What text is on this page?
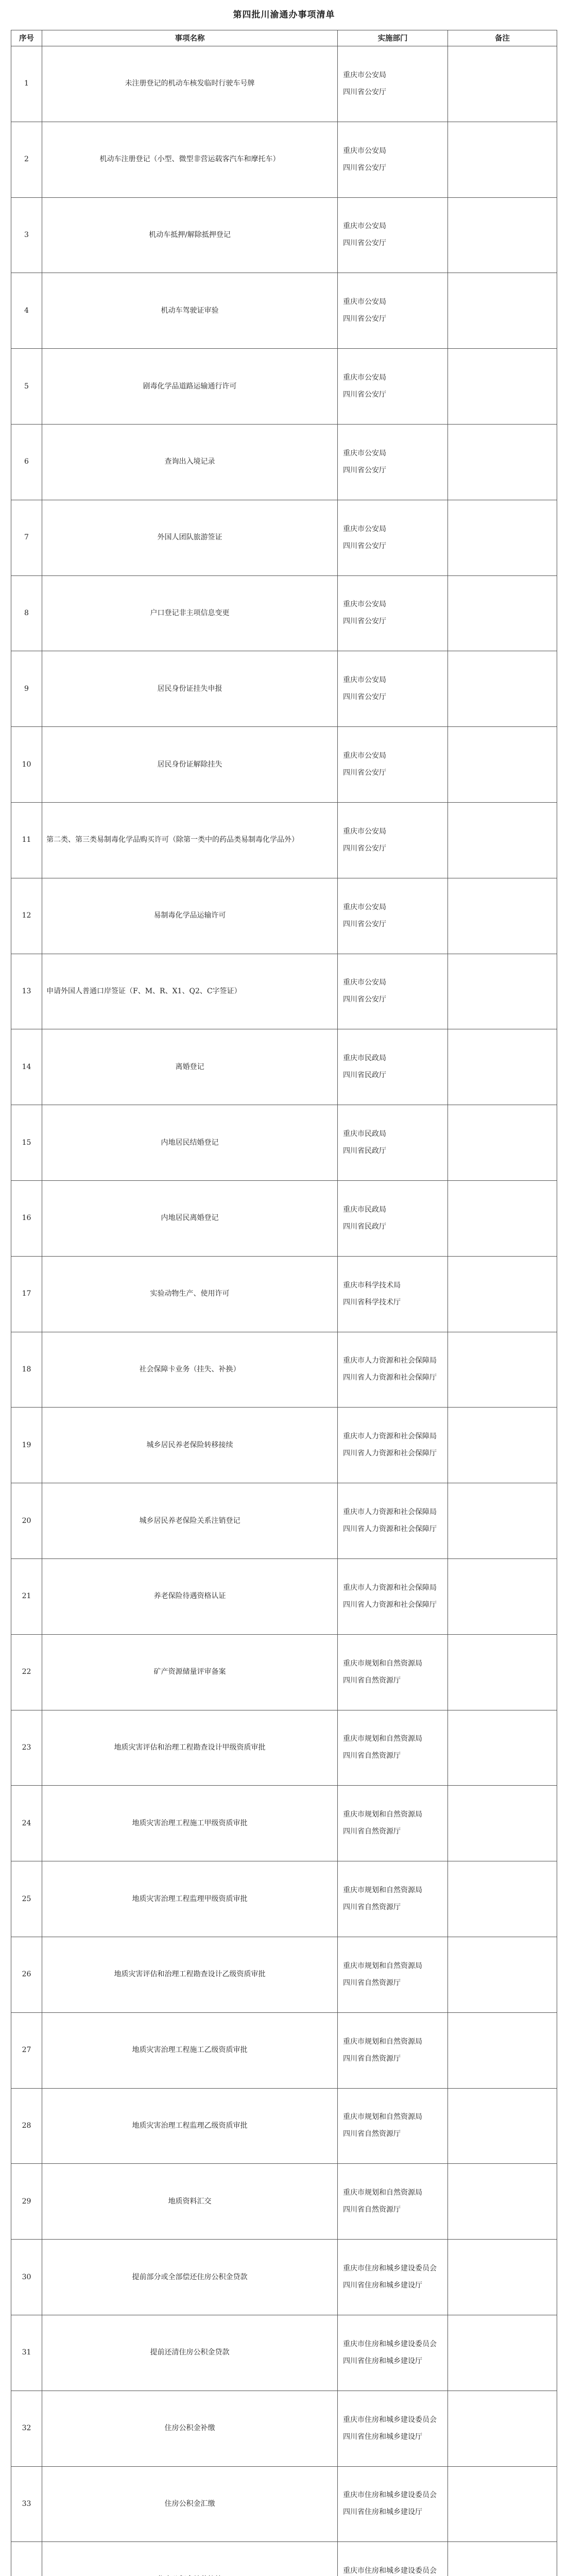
第四批川渝通办事项清单
序号	事项名称	实施部门	备注
1	未注册登记的机动车核发临时行驶车号牌	重庆市公安局
四川省公安厅	

2	机动车注册登记（小型、微型非营运载客汽车和摩托车）	重庆市公安局
四川省公安厅	

3	机动车抵押/解除抵押登记	重庆市公安局
四川省公安厅	

4	机动车驾驶证审验	重庆市公安局
四川省公安厅	

5	剧毒化学品道路运输通行许可	重庆市公安局
四川省公安厅	

6	查询出入境记录	重庆市公安局
四川省公安厅	

7	外国人团队旅游签证	重庆市公安局
四川省公安厅	

8	户口登记非主项信息变更	重庆市公安局
四川省公安厅	

9	居民身份证挂失申报	重庆市公安局
四川省公安厅	

10	居民身份证解除挂失	重庆市公安局
四川省公安厅	

11	第二类、第三类易制毒化学品购买许可（除第一类中的药品类易制毒化学品外）	重庆市公安局
四川省公安厅	

12	易制毒化学品运输许可	重庆市公安局
四川省公安厅	

13	申请外国人普通口岸签证（F、M、R、X1、Q2、C字签证）	重庆市公安局
四川省公安厅	

14	离婚登记	重庆市民政局
四川省民政厅	

15	内地居民结婚登记	重庆市民政局
四川省民政厅	

16	内地居民离婚登记	重庆市民政局
四川省民政厅	

17	实验动物生产、使用许可	重庆市科学技术局
四川省科学技术厅	

18	社会保障卡业务（挂失、补换）	重庆市人力资源和社会保障局
四川省人力资源和社会保障厅	

19	城乡居民养老保险转移接续	重庆市人力资源和社会保障局
四川省人力资源和社会保障厅	

20	城乡居民养老保险关系注销登记	重庆市人力资源和社会保障局
四川省人力资源和社会保障厅	

21	养老保险待遇资格认证	重庆市人力资源和社会保障局
四川省人力资源和社会保障厅	

22	矿产资源储量评审备案	重庆市规划和自然资源局
四川省自然资源厅	

23	地质灾害评估和治理工程勘查设计甲级资质审批	重庆市规划和自然资源局
四川省自然资源厅	

24	地质灾害治理工程施工甲级资质审批	重庆市规划和自然资源局
四川省自然资源厅	

25	地质灾害治理工程监理甲级资质审批	重庆市规划和自然资源局
四川省自然资源厅	

26	地质灾害评估和治理工程勘查设计乙级资质审批	重庆市规划和自然资源局
四川省自然资源厅	

27	地质灾害治理工程施工乙级资质审批	重庆市规划和自然资源局
四川省自然资源厅	

28	地质灾害治理工程监理乙级资质审批	重庆市规划和自然资源局
四川省自然资源厅	

29	地质资料汇交	重庆市规划和自然资源局
四川省自然资源厅	

30	提前部分或全部偿还住房公积金贷款	重庆市住房和城乡建设委员会
四川省住房和城乡建设厅	

31	提前还清住房公积金贷款	重庆市住房和城乡建设委员会
四川省住房和城乡建设厅	

32	住房公积金补缴	重庆市住房和城乡建设委员会
四川省住房和城乡建设厅	

33	住房公积金汇缴	重庆市住房和城乡建设委员会
四川省住房和城乡建设厅	

重庆市住房和城乡建设委员会	
